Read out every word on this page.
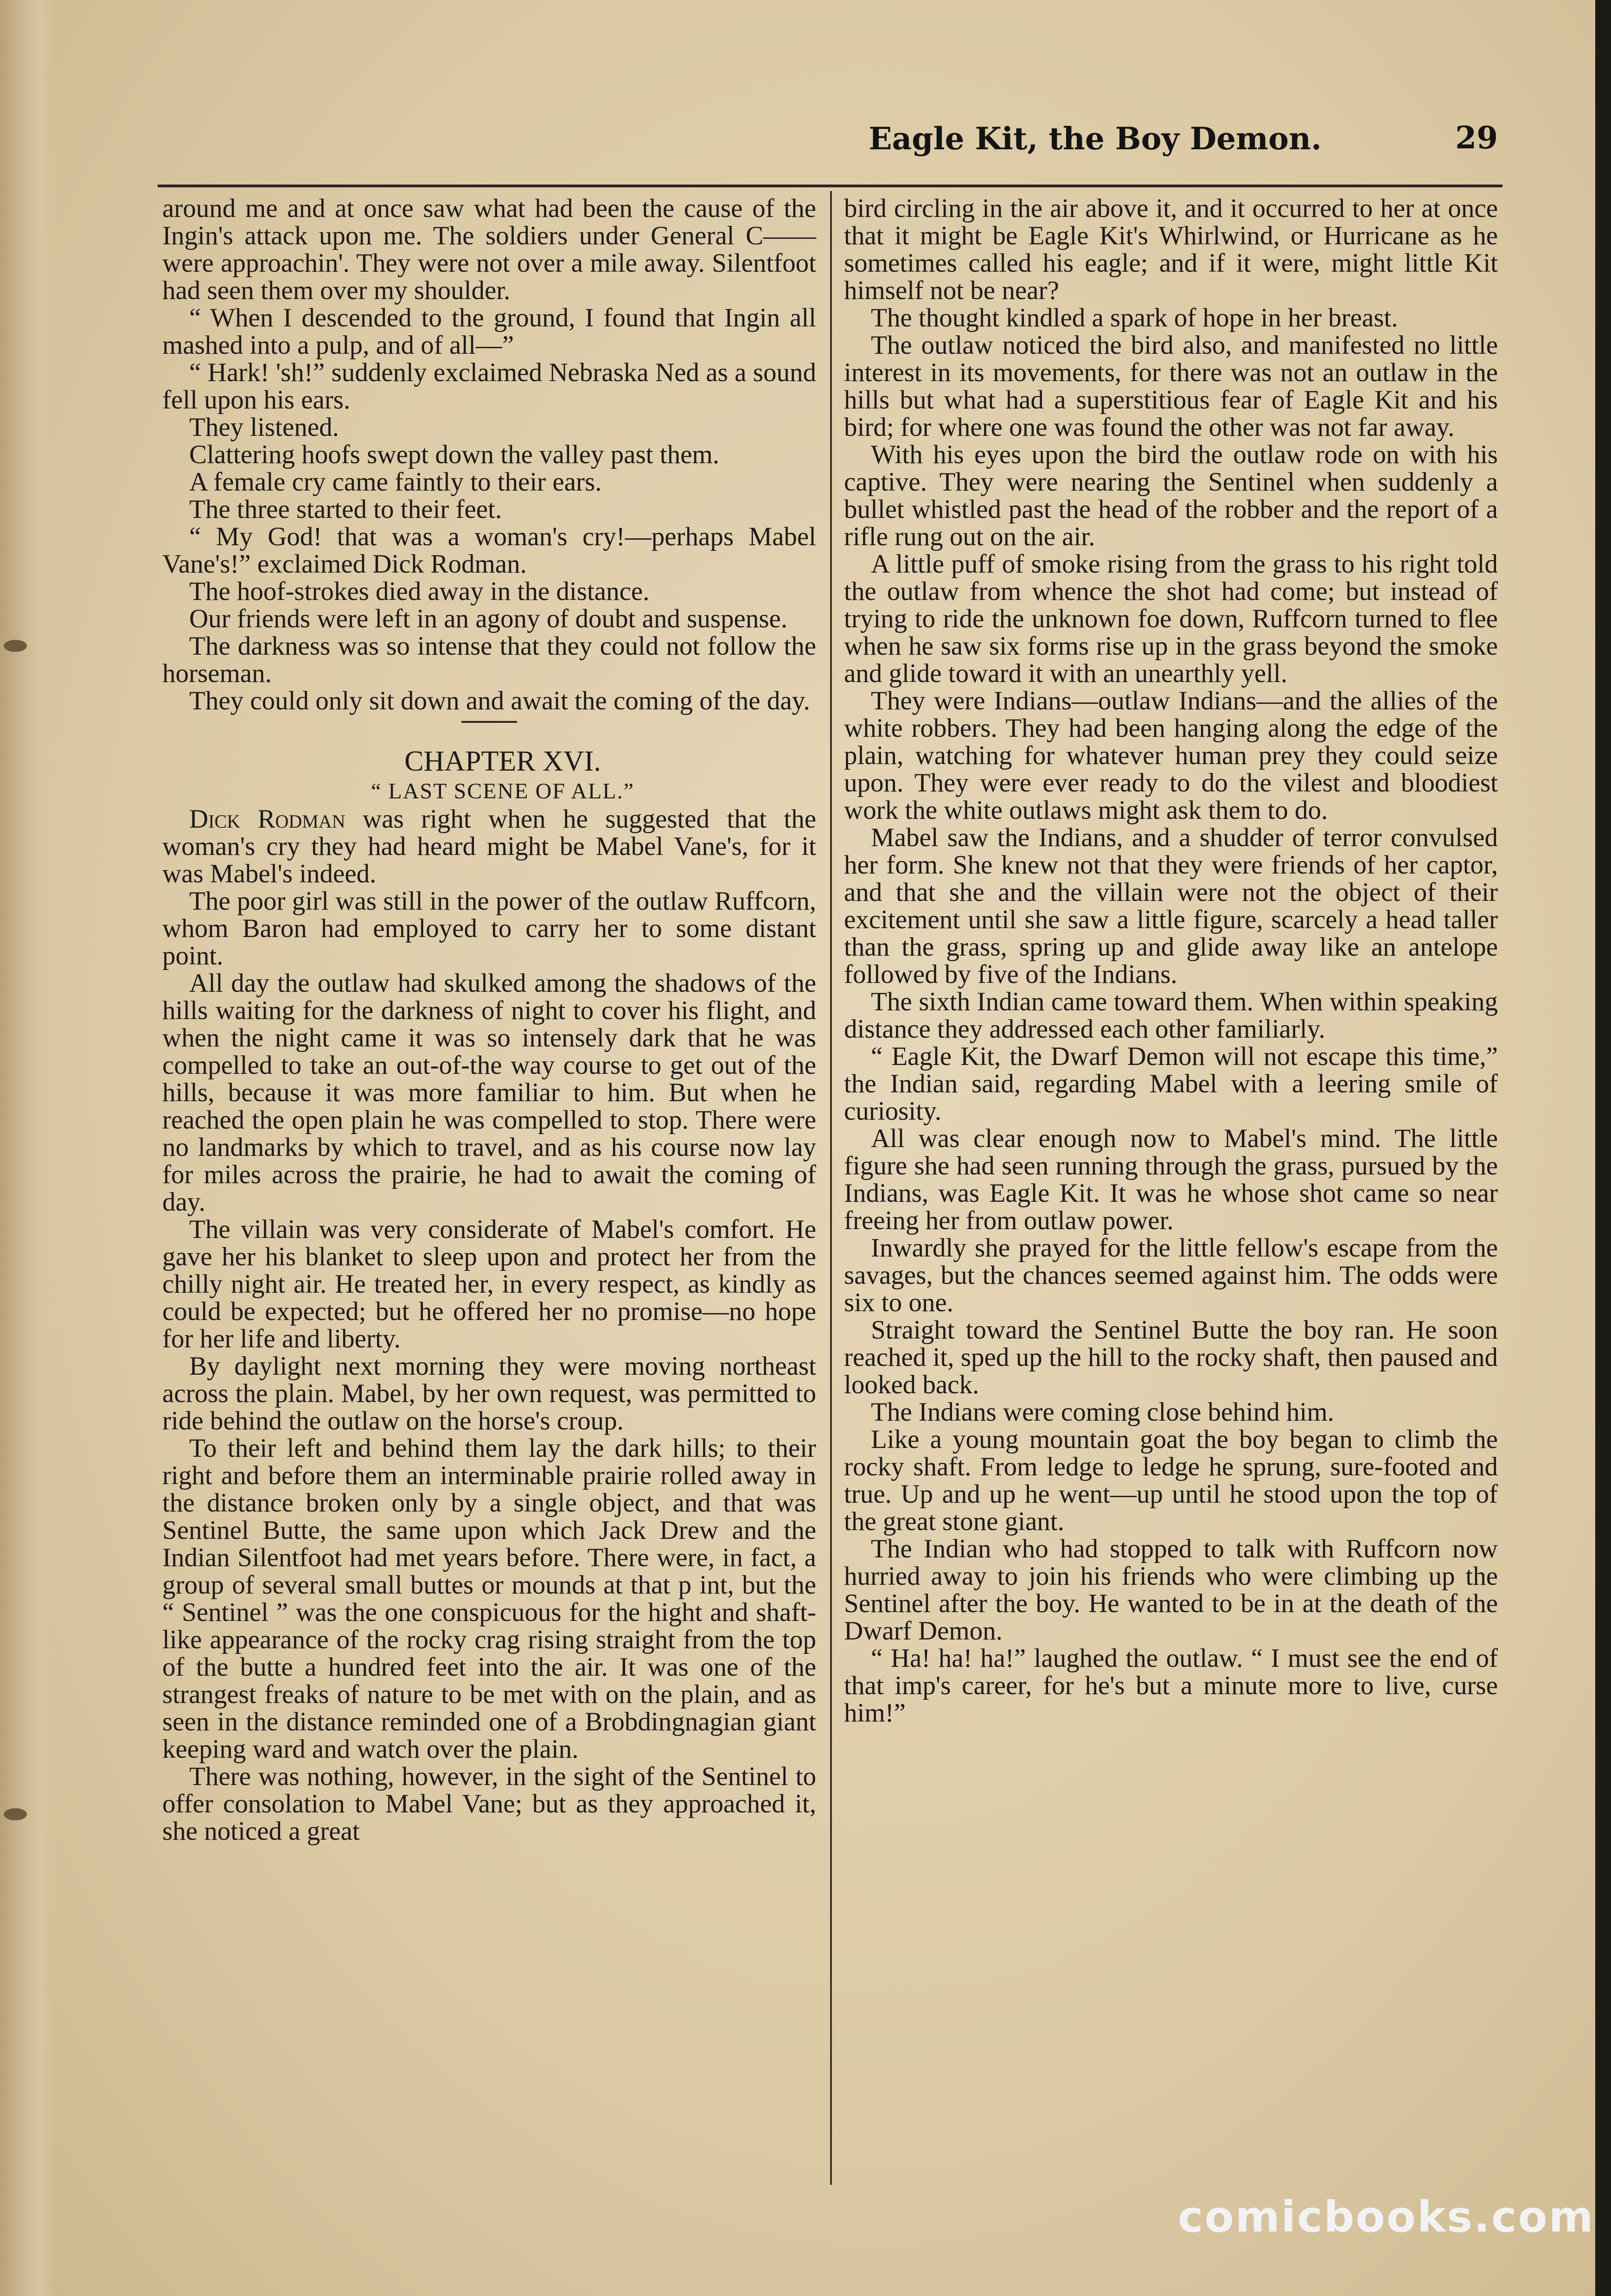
Eagle Kit, the Boy Demon.	29

around me and at once saw what had been the cause of the Ingin's attack upon me. The soldiers under General C—— were approachin'. They were not over a mile away. Silentfoot had seen them over my shoulder.

“ When I descended to the ground, I found that Ingin all mashed into a pulp, and of all—”

“ Hark! 'sh!” suddenly exclaimed Nebraska Ned as a sound fell upon his ears.

They listened.

Clattering hoofs swept down the valley past them.

A female cry came faintly to their ears.

The three started to their feet.

“ My God! that was a woman's cry!—perhaps Mabel Vane's!” exclaimed Dick Rodman.

The hoof-strokes died away in the distance.

Our friends were left in an agony of doubt and suspense.

The darkness was so intense that they could not follow the horseman.

They could only sit down and await the coming of the day.

CHAPTER XVI.

“ LAST SCENE OF ALL.”

Dick Rodman was right when he suggested that the woman's cry they had heard might be Mabel Vane's, for it was Mabel's indeed.

The poor girl was still in the power of the outlaw Ruffcorn, whom Baron had employed to carry her to some distant point.

All day the outlaw had skulked among the shadows of the hills waiting for the darkness of night to cover his flight, and when the night came it was so intensely dark that he was compelled to take an out-of-the way course to get out of the hills, because it was more familiar to him. But when he reached the open plain he was compelled to stop. There were no landmarks by which to travel, and as his course now lay for miles across the prairie, he had to await the coming of day.

The villain was very considerate of Mabel's comfort. He gave her his blanket to sleep upon and protect her from the chilly night air. He treated her, in every respect, as kindly as could be expected; but he offered her no promise—no hope for her life and liberty.

By daylight next morning they were moving northeast across the plain. Mabel, by her own request, was permitted to ride behind the outlaw on the horse's croup.

To their left and behind them lay the dark hills; to their right and before them an interminable prairie rolled away in the distance broken only by a single object, and that was Sentinel Butte, the same upon which Jack Drew and the Indian Silentfoot had met years before. There were, in fact, a group of several small buttes or mounds at that p int, but the “ Sentinel ” was the one conspicuous for the hight and shaft-like appearance of the rocky crag rising straight from the top of the butte a hundred feet into the air. It was one of the strangest freaks of nature to be met with on the plain, and as seen in the distance reminded one of a Brobdingnagian giant keeping ward and watch over the plain.

There was nothing, however, in the sight of the Sentinel to offer consolation to Mabel Vane; but as they approached it, she noticed a great

bird circling in the air above it, and it occurred to her at once that it might be Eagle Kit's Whirlwind, or Hurricane as he sometimes called his eagle; and if it were, might little Kit himself not be near?

The thought kindled a spark of hope in her breast.

The outlaw noticed the bird also, and manifested no little interest in its movements, for there was not an outlaw in the hills but what had a superstitious fear of Eagle Kit and his bird; for where one was found the other was not far away.

With his eyes upon the bird the outlaw rode on with his captive. They were nearing the Sentinel when suddenly a bullet whistled past the head of the robber and the report of a rifle rung out on the air.

A little puff of smoke rising from the grass to his right told the outlaw from whence the shot had come; but instead of trying to ride the unknown foe down, Ruffcorn turned to flee when he saw six forms rise up in the grass beyond the smoke and glide toward it with an unearthly yell.

They were Indians—outlaw Indians—and the allies of the white robbers. They had been hanging along the edge of the plain, watching for whatever human prey they could seize upon. They were ever ready to do the vilest and bloodiest work the white outlaws might ask them to do.

Mabel saw the Indians, and a shudder of terror convulsed her form. She knew not that they were friends of her captor, and that she and the villain were not the object of their excitement until she saw a little figure, scarcely a head taller than the grass, spring up and glide away like an antelope followed by five of the Indians.

The sixth Indian came toward them. When within speaking distance they addressed each other familiarly.

“ Eagle Kit, the Dwarf Demon will not escape this time,” the Indian said, regarding Mabel with a leering smile of curiosity.

All was clear enough now to Mabel's mind. The little figure she had seen running through the grass, pursued by the Indians, was Eagle Kit. It was he whose shot came so near freeing her from outlaw power.

Inwardly she prayed for the little fellow's escape from the savages, but the chances seemed against him. The odds were six to one.

Straight toward the Sentinel Butte the boy ran. He soon reached it, sped up the hill to the rocky shaft, then paused and looked back.

The Indians were coming close behind him.

Like a young mountain goat the boy began to climb the rocky shaft. From ledge to ledge he sprung, sure-footed and true. Up and up he went—up until he stood upon the top of the great stone giant.

The Indian who had stopped to talk with Ruffcorn now hurried away to join his friends who were climbing up the Sentinel after the boy. He wanted to be in at the death of the Dwarf Demon.

“ Ha! ha! ha!” laughed the outlaw. “ I must see the end of that imp's career, for he's but a minute more to live, curse him!”

comicbooks.com
